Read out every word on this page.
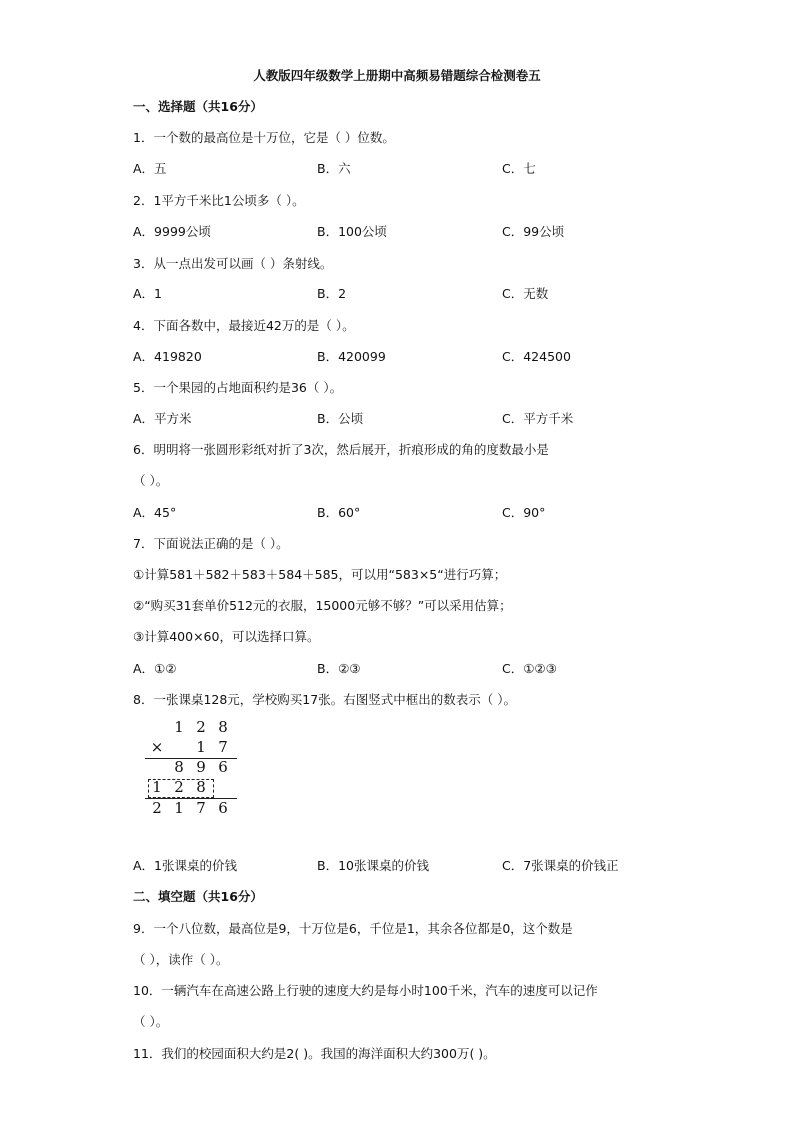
人教版四年级数学上册期中高频易错题综合检测卷五
一、选择题（共16分）
1．一个数的最高位是十万位，它是（ ）位数。
A．五	B．六	C．七
2．1平方千米比1公顷多（ ）。
A．9999公顷	B．100公顷	C．99公顷
3．从一点出发可以画（ ）条射线。
A．1	B．2	C．无数
4．下面各数中，最接近42万的是（ ）。
A．419820	B．420099	C．424500
5．一个果园的占地面积约是36（ ）。
A．平方米	B．公顷	C．平方千米
6．明明将一张圆形彩纸对折了3次，然后展开，折痕形成的角的度数最小是
（ ）。
A．45°	B．60°	C．90°
7．下面说法正确的是（ ）。
①计算581＋582＋583＋584＋585，可以用“583×5“进行巧算；
②“购买31套单价512元的衣服，15000元够不够？”可以采用估算；
③计算400×60，可以选择口算。
A．①②	B．②③	C．①②③
8．一张课桌128元，学校购买17张。右图竖式中框出的数表示（ ）。
1 2 8
×	1 7
8 9 6
1 2 8
2 1 7 6
A．1张课桌的价钱	B．10张课桌的价钱	C．7张课桌的价钱正
二、填空题（共16分）
9．一个八位数，最高位是9，十万位是6，千位是1，其余各位都是0，这个数是
（ ），读作（ ）。
10．一辆汽车在高速公路上行驶的速度大约是每小时100千米，汽车的速度可以记作
（ ）。
11．我们的校园面积大约是2( )。我国的海洋面积大约300万( )。
